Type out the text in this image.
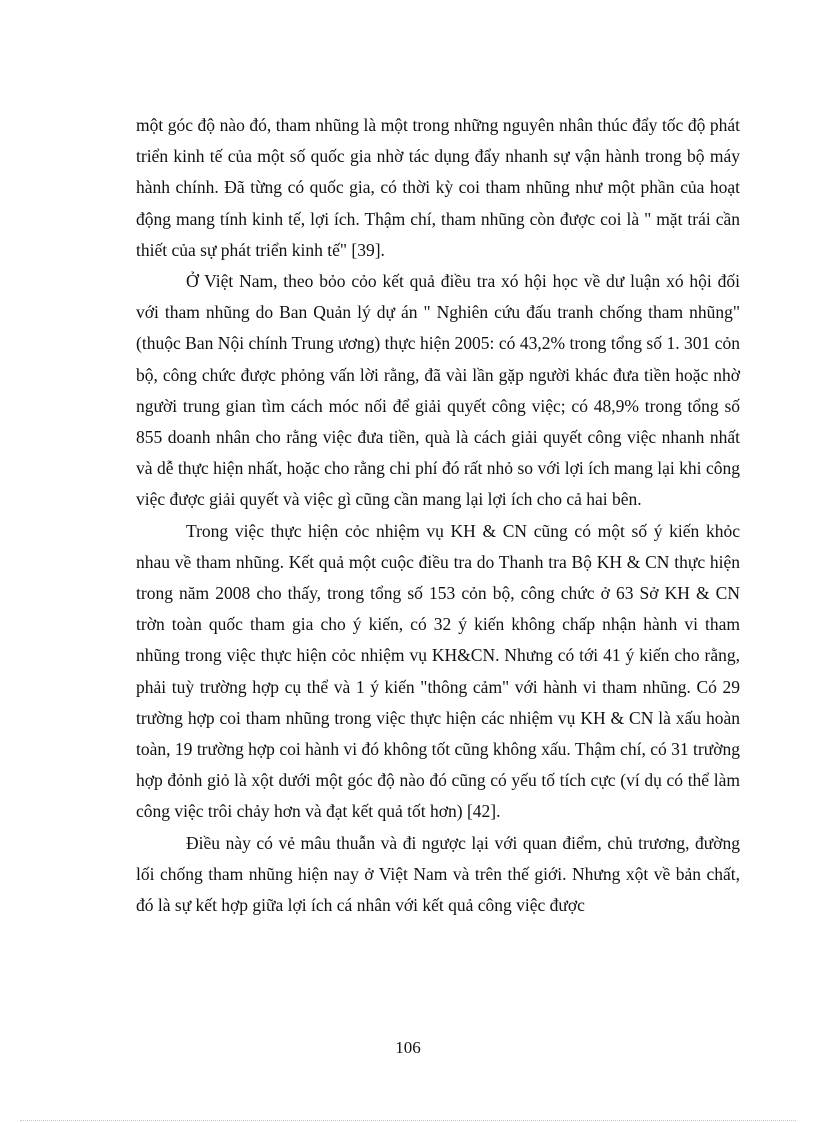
một góc độ nào đó, tham nhũng là một trong những nguyên nhân thúc đẩy tốc độ phát triển kinh tế của một số quốc gia nhờ tác dụng đẩy nhanh sự vận hành trong bộ máy hành chính. Đã từng có quốc gia, có thời kỳ coi tham nhũng như một phần của hoạt động mang tính kinh tế, lợi ích. Thậm chí, tham nhũng còn được coi là " mặt trái cần thiết của sự phát triển kinh tế" [39].

Ở Việt Nam, theo bỏo cỏo kết quả điều tra xó hội học về dư luận xó hội đối với tham nhũng do Ban Quản lý dự án " Nghiên cứu đấu tranh chống tham nhũng" (thuộc Ban Nội chính Trung ương) thực hiện 2005: có 43,2% trong tổng số 1. 301 cỏn bộ, công chức được phỏng vấn lời rằng, đã vài lần gặp người khác đưa tiền hoặc nhờ người trung gian tìm cách móc nối để giải quyết công việc; có 48,9% trong tổng số 855 doanh nhân cho rằng việc đưa tiền, quà là cách giải quyết công việc nhanh nhất và dễ thực hiện nhất, hoặc cho rằng chi phí đó rất nhỏ so với lợi ích mang lại khi công việc được giải quyết và việc gì cũng cần mang lại lợi ích cho cả hai bên.

Trong việc thực hiện cỏc nhiệm vụ KH & CN cũng có một số ý kiến khỏc nhau về tham nhũng. Kết quả một cuộc điều tra do Thanh tra Bộ KH & CN thực hiện trong năm 2008 cho thấy, trong tổng số 153 cỏn bộ, công chức ở 63 Sở KH & CN trờn toàn quốc tham gia cho ý kiến, có 32 ý kiến không chấp nhận hành vi tham nhũng trong việc thực hiện cỏc nhiệm vụ KH&CN. Nhưng có tới 41 ý kiến cho rằng, phải tuỳ trường hợp cụ thể và 1 ý kiến "thông cảm" với hành vi tham nhũng. Có 29 trường hợp coi tham nhũng trong việc thực hiện các nhiệm vụ KH & CN là xấu hoàn toàn, 19 trường hợp coi hành vi đó không tốt cũng không xấu. Thậm chí, có 31 trường hợp đỏnh giỏ là xột dưới một góc độ nào đó cũng có yếu tố tích cực (ví dụ có thể làm công việc trôi chảy hơn và đạt kết quả tốt hơn) [42].

Điều này có vẻ mâu thuẫn và đi ngược lại với quan điểm, chủ trương, đường lối chống tham nhũng hiện nay ở Việt Nam và trên thế giới. Nhưng xột về bản chất, đó là sự kết hợp giữa lợi ích cá nhân với kết quả công việc được

106
